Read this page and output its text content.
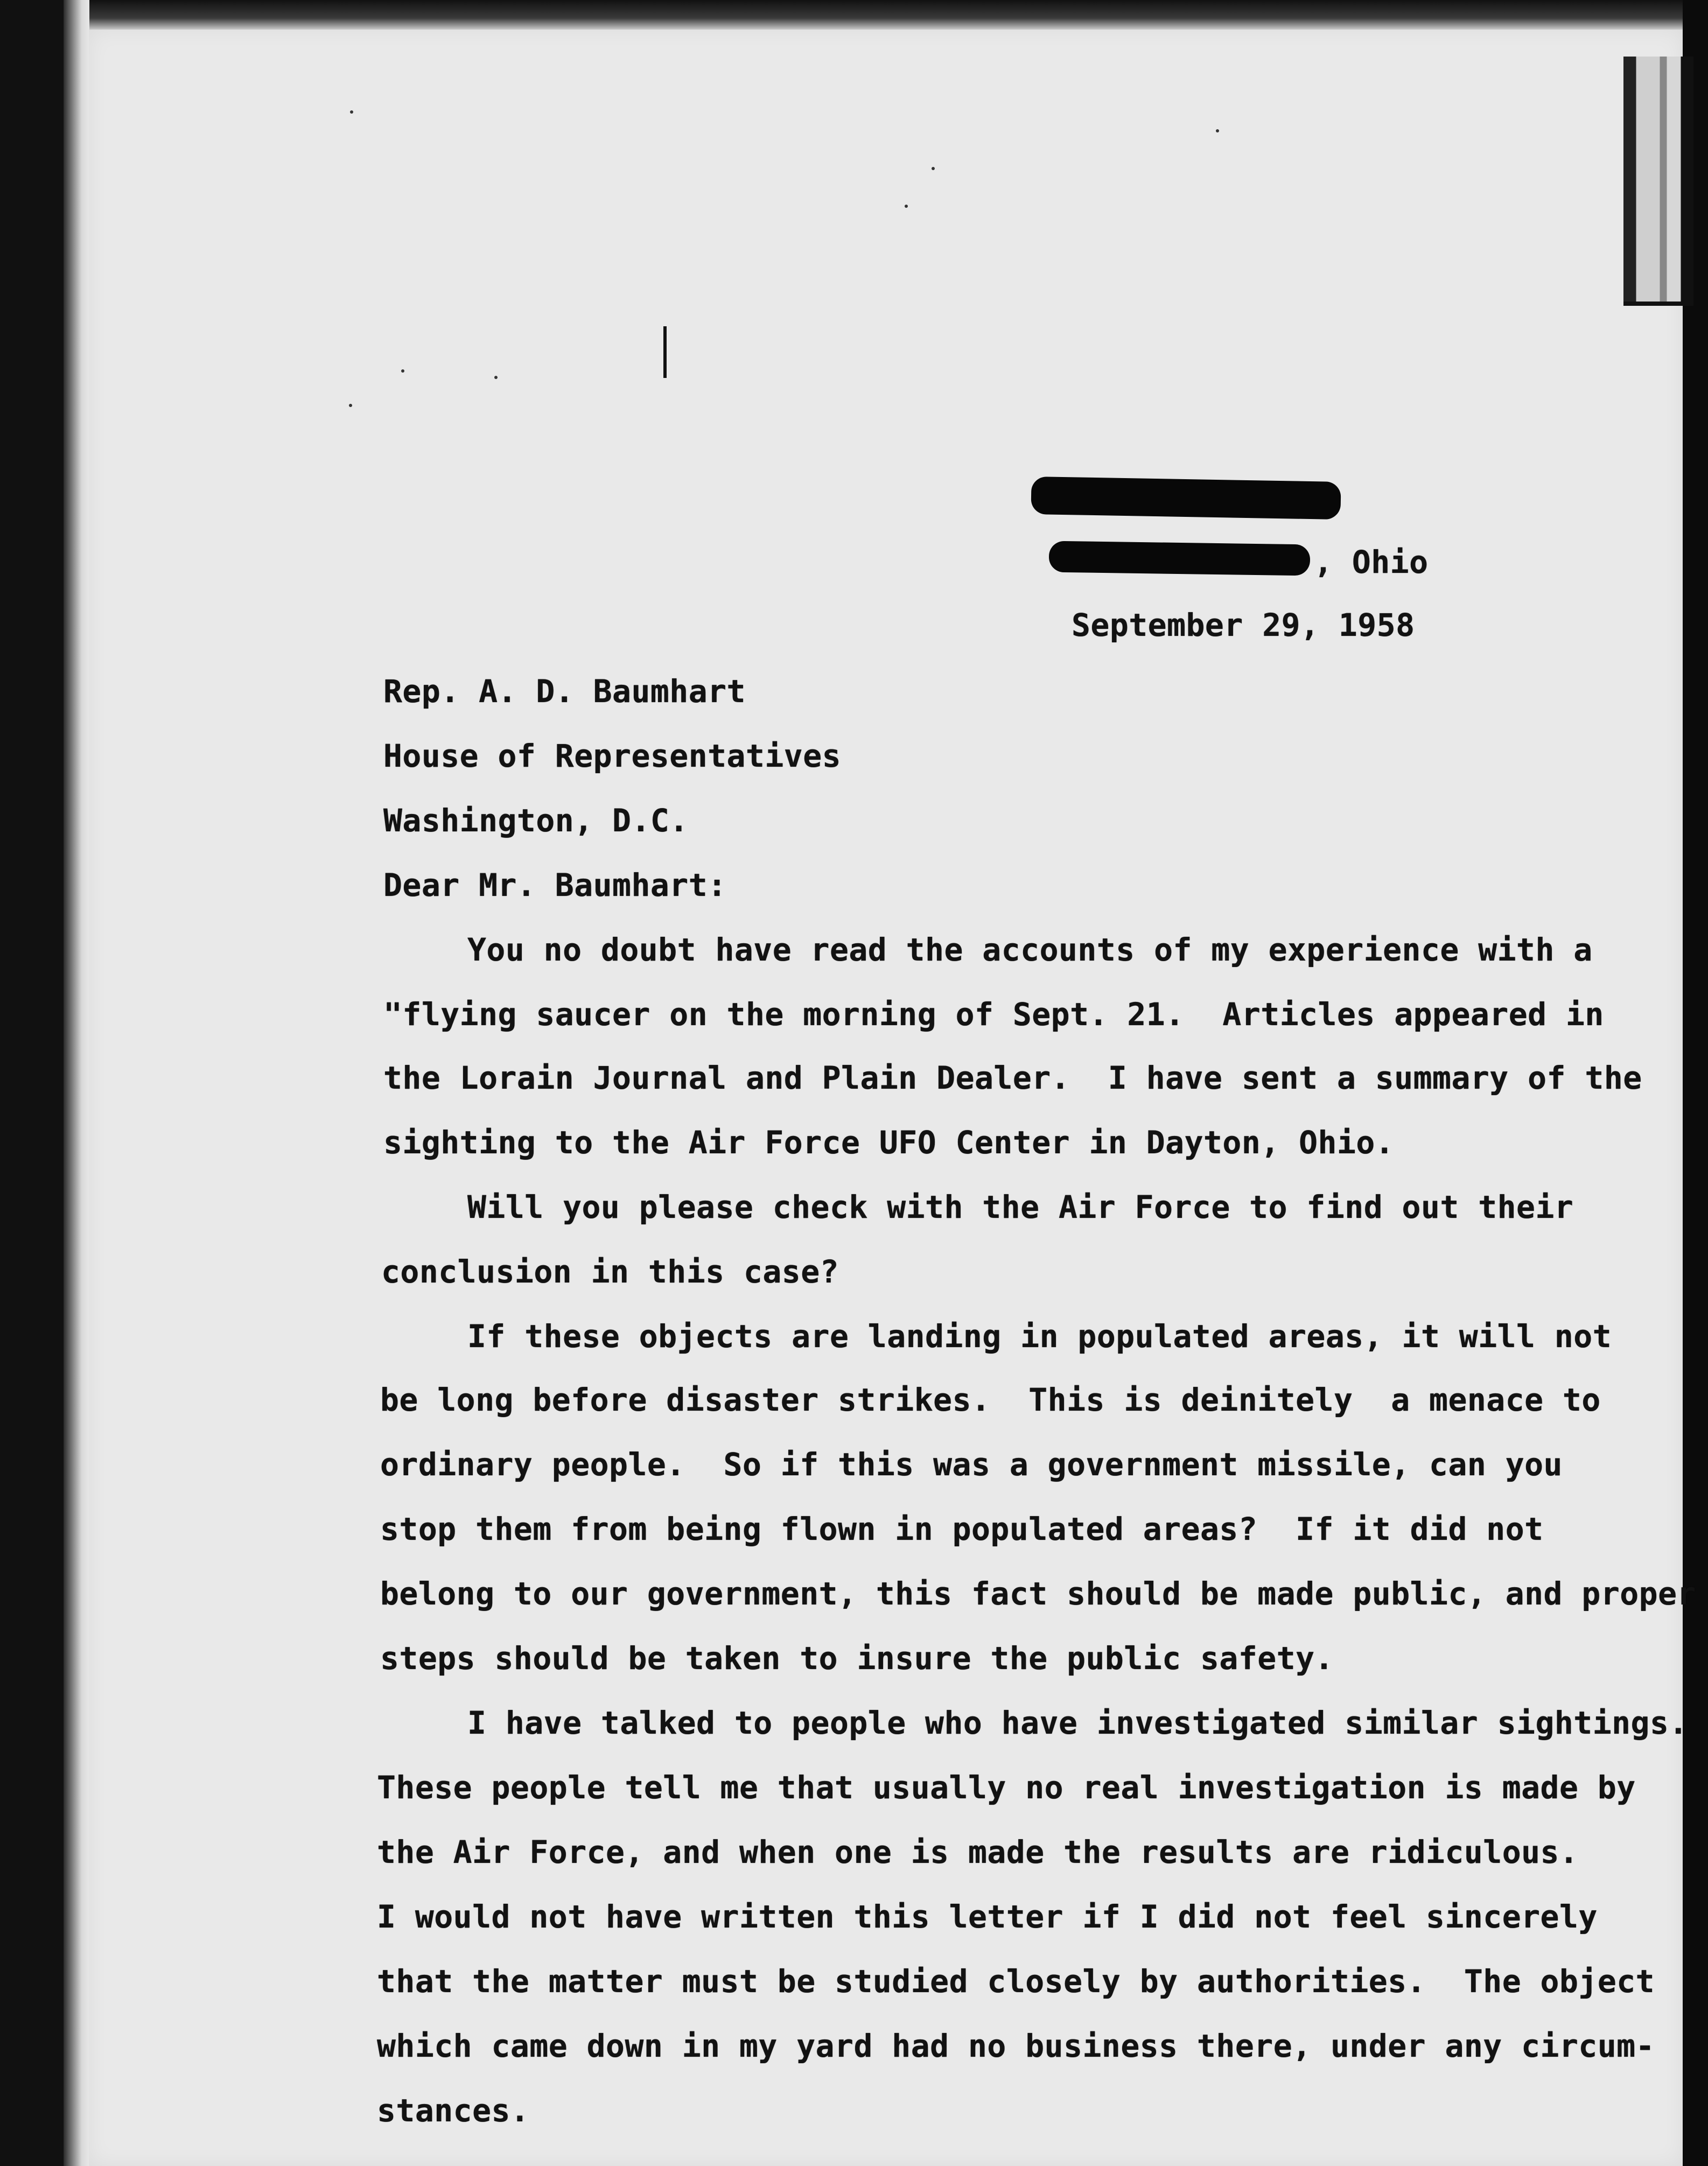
, Ohio
September 29, 1958
Rep. A. D. Baumhart
House of Representatives
Washington, D.C.
Dear Mr. Baumhart:
You no doubt have read the accounts of my experience with a
"flying saucer on the morning of Sept. 21.  Articles appeared in
the Lorain Journal and Plain Dealer.  I have sent a summary of the
sighting to the Air Force UFO Center in Dayton, Ohio.
Will you please check with the Air Force to find out their
conclusion in this case?
If these objects are landing in populated areas, it will not
be long before disaster strikes.  This is deinitely  a menace to
ordinary people.  So if this was a government missile, can you
stop them from being flown in populated areas?  If it did not
belong to our government, this fact should be made public, and proper
steps should be taken to insure the public safety.
I have talked to people who have investigated similar sightings.
These people tell me that usually no real investigation is made by
the Air Force, and when one is made the results are ridiculous.
I would not have written this letter if I did not feel sincerely
that the matter must be studied closely by authorities.  The object
which came down in my yard had no business there, under any circum-
stances.
